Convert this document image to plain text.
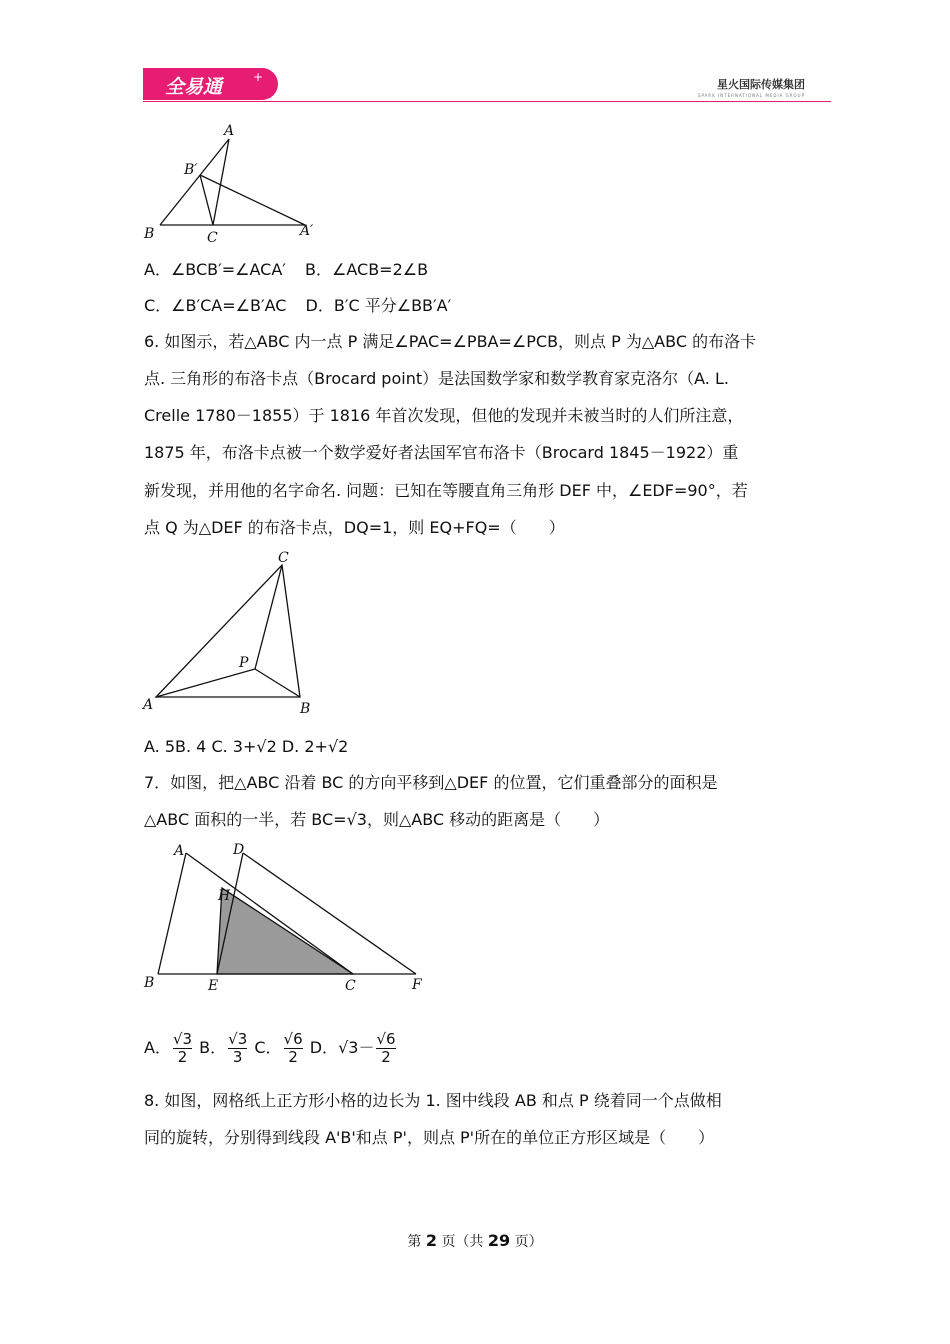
全易通	+
星火国际传媒集团
SPARK INTERNATIONAL MEDIA GROUP
A
B′
B	C	A′
A．∠BCB′=∠ACA′ B．∠ACB=2∠B
C．∠B′CA=∠B′AC D．B′C 平分∠BB′A′
6. 如图示，若△ABC 内一点 P 满足∠PAC=∠PBA=∠PCB，则点 P 为△ABC 的布洛卡
点. 三角形的布洛卡点（Brocard point）是法国数学家和数学教育家克洛尔（A. L.
Crelle 1780－1855）于 1816 年首次发现，但他的发现并未被当时的人们所注意，
1875 年，布洛卡点被一个数学爱好者法国军官布洛卡（Brocard 1845－1922）重
新发现，并用他的名字命名. 问题：已知在等腰直角三角形 DEF 中，∠EDF=90°，若
点 Q 为△DEF 的布洛卡点，DQ=1，则 EQ+FQ=（　　）
C
P
A	B
A. 5B. 4 C. 3+√2 D. 2+√2
7．如图，把△ABC 沿着 BC 的方向平移到△DEF 的位置，它们重叠部分的面积是
△ABC 面积的一半，若 BC=√3，则△ABC 移动的距离是（　　）
A	D
H
B	E	C	F
A． $\frac{√3}{2}$ B． $\frac{√3}{3}$ C． $\frac{√6}{2}$ D．$√3- \frac{√6}{2}$
8. 如图，网格纸上正方形小格的边长为 1. 图中线段 AB 和点 P 绕着同一个点做相
同的旋转，分别得到线段 A'B'和点 P'，则点 P'所在的单位正方形区域是（　　）
第 2 页（共 29 页）
